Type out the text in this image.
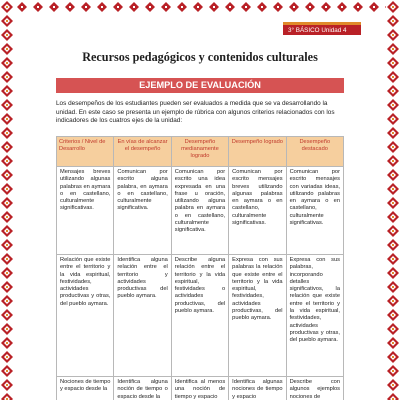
3° BÁSICO Unidad 4
Recursos pedagógicos y contenidos culturales
EJEMPLO DE EVALUACIÓN

Los desempeños de los estudiantes pueden ser evaluados a medida que se va desarrollando la unidad. En este caso se presenta un ejemplo de rúbrica con algunos criterios relacionados con los indicadores de los cuatros ejes de la unidad:

Criterios / Nivel de Desarrollo	En vías de alcanzar el desempeño	Desempeño medianamente logrado	Desempeño logrado	Desempeño destacado
Mensajes breves utilizando algunas palabras en aymara o en castellano, culturalmente significativas.	Comunican por escrito alguna palabra, en aymara o en castellano, culturalmente significativa.	Comunican por escrito una idea expresada en una frase u oración, utilizando alguna palabra en aymara o en castellano, culturalmente significativa.	Comunican por escrito mensajes breves utilizando algunas palabras en aymara o en castellano, culturalmente significativas.	Comunican por escrito mensajes con variadas ideas, utilizando palabras en aymara o en castellano, culturalmente significativas.
Relación que existe entre el territorio y la vida espiritual, festividades, actividades productivas y otras, del pueblo aymara.	Identifica alguna relación entre el territorio y actividades productivas del pueblo aymara.	Describe alguna relación entre el territorio y la vida espiritual, festividades o actividades productivas, del pueblo aymara.	Expresa con sus palabras la relación que existe entre el territorio y la vida espiritual, festividades, actividades productivas, del pueblo aymara.	Expresa con sus palabras, incorporando detalles significativos, la relación que existe entre el territorio y la vida espiritual, festividades, actividades productivas y otras, del pueblo aymara.
Nociones de tiempo y espacio desde la	Identifica alguna noción de tiempo o espacio desde la	Identifica al menos una noción de tiempo y espacio	Identifica algunas nociones de tiempo y espacio	Describe con algunos ejemplos nociones de
